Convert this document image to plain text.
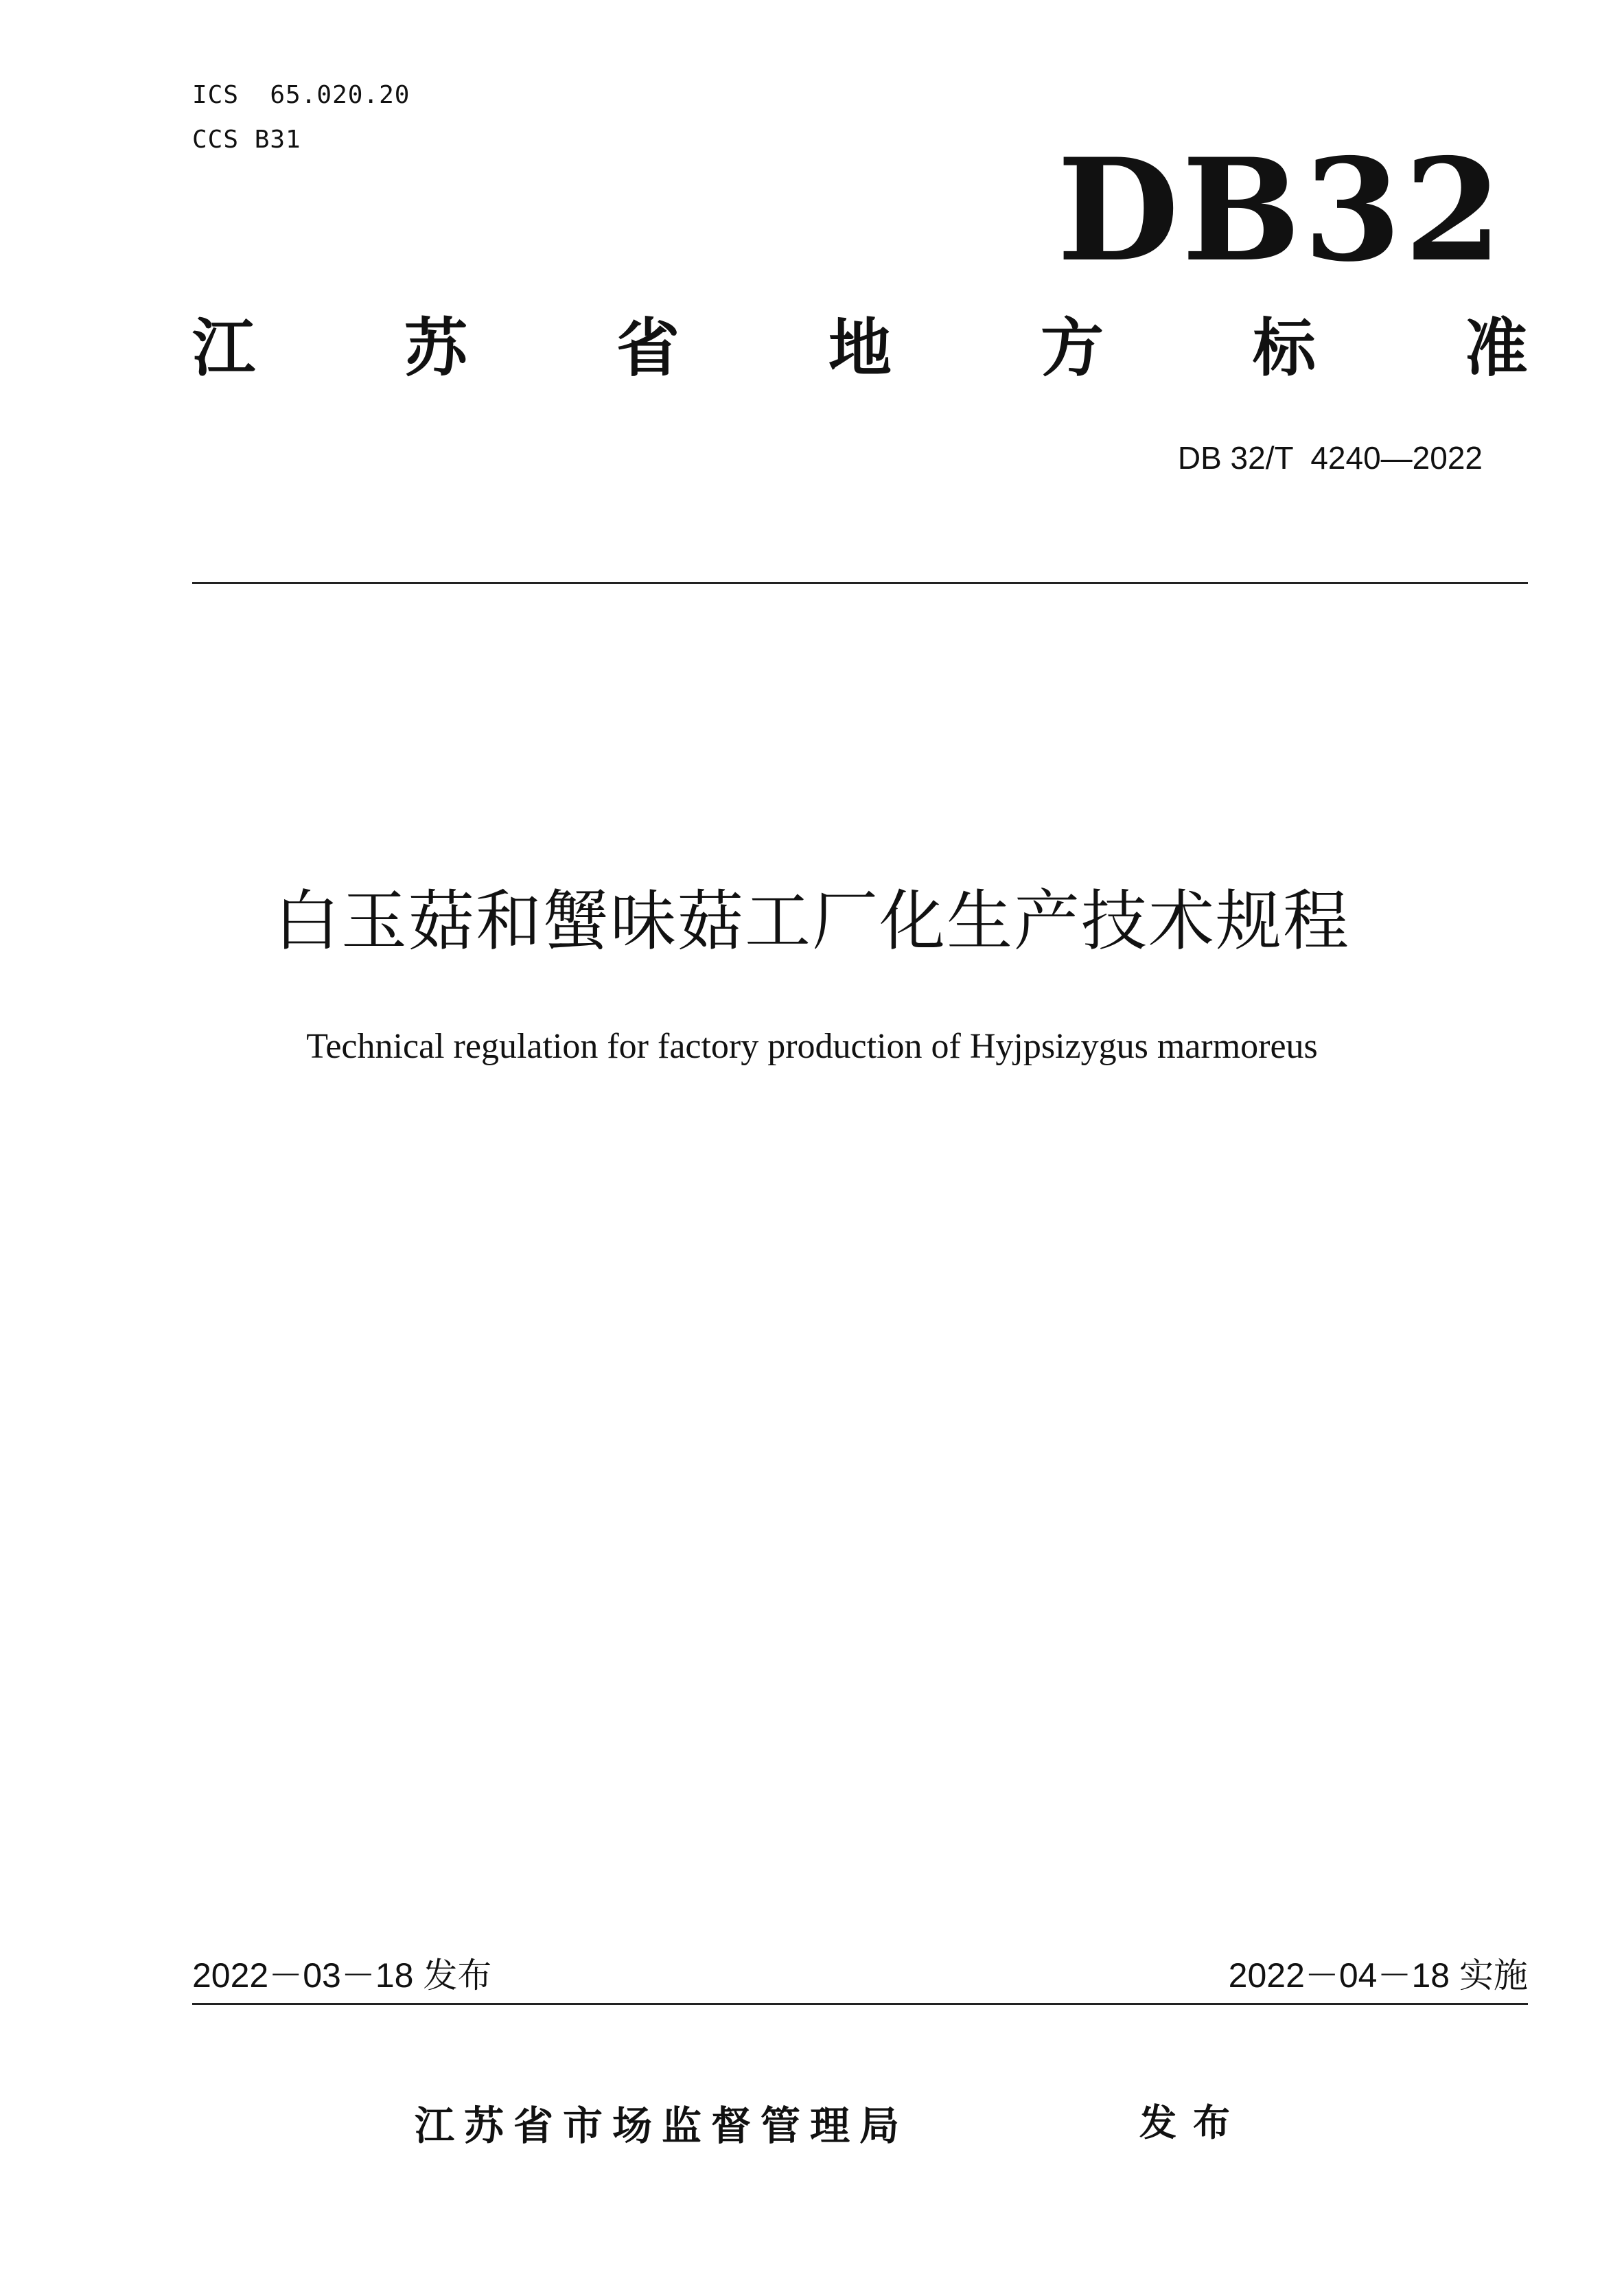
ICS  65.020.20
CCS B31	DB32
江 苏 省 地 方 标 准
DB 32/T  4240—2022
白玉菇和蟹味菇工厂化生产技术规程
Technical regulation for factory production of Hyjpsizygus marmoreus
2022－03－18 发布	2022－04－18 实施
江苏省市场监督管理局	发布
